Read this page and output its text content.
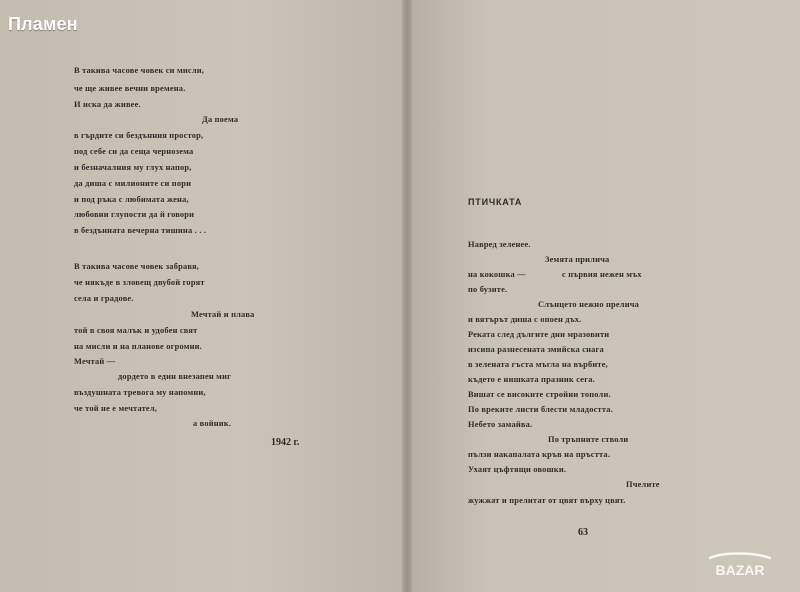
Пламен
В такива часове човек си мисли,
че ще живее вечни времена.
И иска да живее.
Да поема
в гърдите си бездънния простор,
под себе си да сеща чернозема
и безначалния му глух напор,
да диша с милионите си пори
и под ръка с любимата жена,
любовни глупости да й говори
в бездънната вечерна тишина . . .
В такива часове човек забравя,
че някъде в зловещ двубой горят
села и градове.
Мечтай и плава
той в своя малък и удобен свят
на мисли и на планове огромни.
Мечтай —
дордето в един внезапен миг
въздушната тревога му напомни,
че той не е мечтател,
а войник.
1942 г.
ПТИЧКАТА
Навред зеленее.
Земята прилича
на кокошка —	с първия нежен мъх
по бузите.
Слънцето нежно прелича
и вятърът диша с опоен дъх.
Реката след дългите дни мразовити
изсипа разнесената змийска снага
в зелената гъста мъгла на върбите,
където е нишката празник сега.
Вишат се високите стройни тополи.
По вреките листи блести младостта.
Небето замайва.
По тръпните стволи
пълзи накапалата кръв на пръстта.
Ухаят цъфтящи овошки.
Пчелите
жужжат и прелитат от цвят върху цвят.
63
BAZAR
